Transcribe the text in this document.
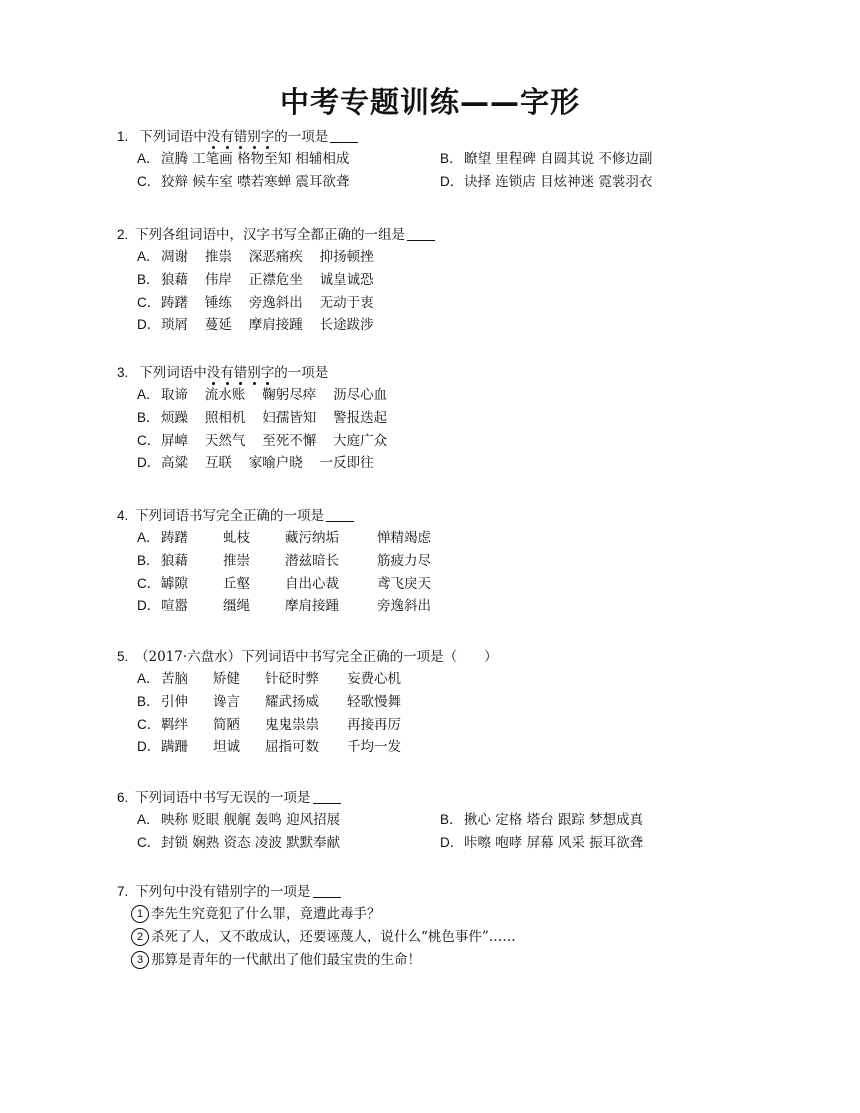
中考专题训练——字形
1. 下列词语中没有错别字的一项是
A．渲腾 工笔画 格物至知 相辅相成	B．瞭望 里程碑 自圆其说 不修边副
C．狡辩 候车室 噤若寒蝉 震耳欲聋	D．诀择 连锁店 目炫神迷 霓裳羽衣
2. 下列各组词语中，汉字书写全都正确的一组是
A．凋谢 推祟 深恶痛疾 抑扬顿挫
B．狼藉 伟岸 正襟危坐 诚皇诚恐
C．踌躇 锤练 旁逸斜出 无动于衷
D．琐屑 蔓延 摩肩接踵 长途跋涉
3. 下列词语中没有错别字的一项是
A．取谛 流水账 鞠躬尽瘁 沥尽心血
B．烦躁 照相机 妇孺皆知 警报迭起
C．屏嶂 天然气 至死不懈 大庭广众
D．高粱 互联 家喻户晓 一反即往
4. 下列词语书写完全正确的一项是
A．踌躇	虬枝	藏污纳垢	惮精竭虑
B．狼藉	推崇	潜兹暗长	筋疲力尽
C．罅隙	丘壑	自出心裁	鸢飞戾天
D．喧嚣	缰绳	摩肩接踵	旁逸斜出
5. （2017·六盘水）下列词语中书写完全正确的一项是（　　）
A．苦脑 矫健 针砭时弊 妄费心机
B．引伸 谗言 耀武扬威 轻歌慢舞
C．羁绊 简陋 鬼鬼祟祟 再接再厉
D．蹒跚 坦诚 屈指可数 千均一发
6. 下列词语中书写无误的一项是
A．映称 贬眼 舰艉 轰鸣 迎风招展	B．揪心 定格 塔台 跟踪 梦想成真
C．封锁 娴熟 资态 凌波 默默奉献	D．咔嚓 咆哮 屏幕 风采 振耳欲聋
7. 下列句中没有错别字的一项是
1 李先生究竟犯了什么罪，竟遭此毒手？
2 杀死了人，又不敢成认，还要诬蔑人，说什么“桃色事件”……
3 那算是青年的一代献出了他们最宝贵的生命！
